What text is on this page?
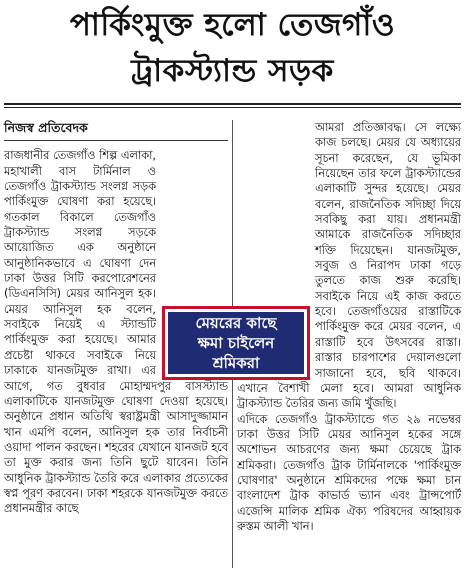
পার্কিংমুক্ত হলো তেজগাঁও
ট্রাকস্ট্যান্ড সড়ক

নিজস্ব প্রতিবেদক

রাজধানীর তেজগাঁও শিল্প এলাকা, মহাখালী বাস টার্মিনাল ও তেজগাঁও ট্রাকস্ট্যান্ড সংলগ্ন সড়ক পার্কিংমুক্ত ঘোষণা করা হয়েছে। গতকাল বিকালে তেজগাঁও ট্রাকস্ট্যান্ড সংলগ্ন সড়কে আয়োজিত এক অনুষ্ঠানে আনুষ্ঠানিকভাবে এ ঘোষণা দেন ঢাকা উত্তর সিটি করপোরেশনের (ডিএনসিসি) মেয়র আনিসুল হক। মেয়র আনিসুল হক বলেন, সবাইকে নিয়েই এ স্ট্যান্ডটি পার্কিংমুক্ত করা হয়েছে। আমার প্রচেষ্টা থাকবে সবাইকে নিয়ে ঢাকাকে যানজটমুক্ত রাখা। এর আগে, গত বুধবার মোহাম্মদপুর বাসস্ট্যান্ড এলাকাটিকে যানজটমুক্ত ঘোষণা দেওয়া হয়েছে। অনুষ্ঠানে প্রধান অতিথি স্বরাষ্ট্রমন্ত্রী আসাদুজ্জামান খান এমপি বলেন, আনিসুল হক তার নির্বাচনী ওয়াদা পালন করছেন। শহরের যেখানে যানজট হবে তা মুক্ত করার জন্য তিনি ছুটে যাবেন। তিনি আধুনিক ট্রাকস্ট্যান্ড তৈরি করে এলাকার প্রত্যেকের স্বপ্ন পূরণ করবেন। ঢাকা শহরকে যানজটমুক্ত করতে প্রধানমন্ত্রীর কাছে

আমরা প্রতিজ্ঞাবদ্ধ। সে লক্ষ্যে কাজ চলছে। মেয়র যে অধ্যায়ের সূচনা করেছেন, যে ভূমিকা নিয়েছেন তার ফলে ট্রাকস্ট্যান্ডের এলাকাটি সুন্দর হয়েছে। মেয়র বলেন, রাজনৈতিক সদিচ্ছা দিয়ে সবকিছু করা যায়। প্রধানমন্ত্রী আমাকে রাজনৈতিক সদিচ্ছার শক্তি দিয়েছেন। যানজটমুক্ত, সবুজ ও নিরাপদ ঢাকা গড়ে তুলতে কাজ শুরু করেছি। সবাইকে নিয়ে এই কাজ করতে হবে। তেজগাঁওয়ের রাস্তাটিকে পার্কিংমুক্ত করে মেয়র বলেন, এ রাস্তাটি হবে উৎসবের রাস্তা। রাস্তার চারপাশের দেয়ালগুলো সাজানো হবে, ছবি থাকবে। এখানে বৈশাখী মেলা হবে। আমরা আধুনিক ট্রাকস্ট্যান্ড তৈরির জন্য জমি খুঁজছি।

এদিকে তেজগাঁও ট্রাকস্ট্যান্ডে গত ২৯ নভেম্বর ঢাকা উত্তর সিটি মেয়র আনিসুল হকের সঙ্গে অশোভন আচরণের জন্য ক্ষমা চেয়েছে ট্রাক শ্রমিকরা। তেজগাঁও ট্রাক টার্মিনালকে 'পার্কিংমুক্ত ঘোষণার' অনুষ্ঠানে শ্রমিকদের পক্ষে ক্ষমা চান বাংলাদেশ ট্রাক কাভার্ড ভ্যান এবং ট্রান্সপোর্ট এজেন্সি মালিক শ্রমিক ঐক্য পরিষদের আহ্বায়ক রুস্তম আলী খান।

মেয়রের কাছে
ক্ষমা চাইলেন
শ্রমিকরা
